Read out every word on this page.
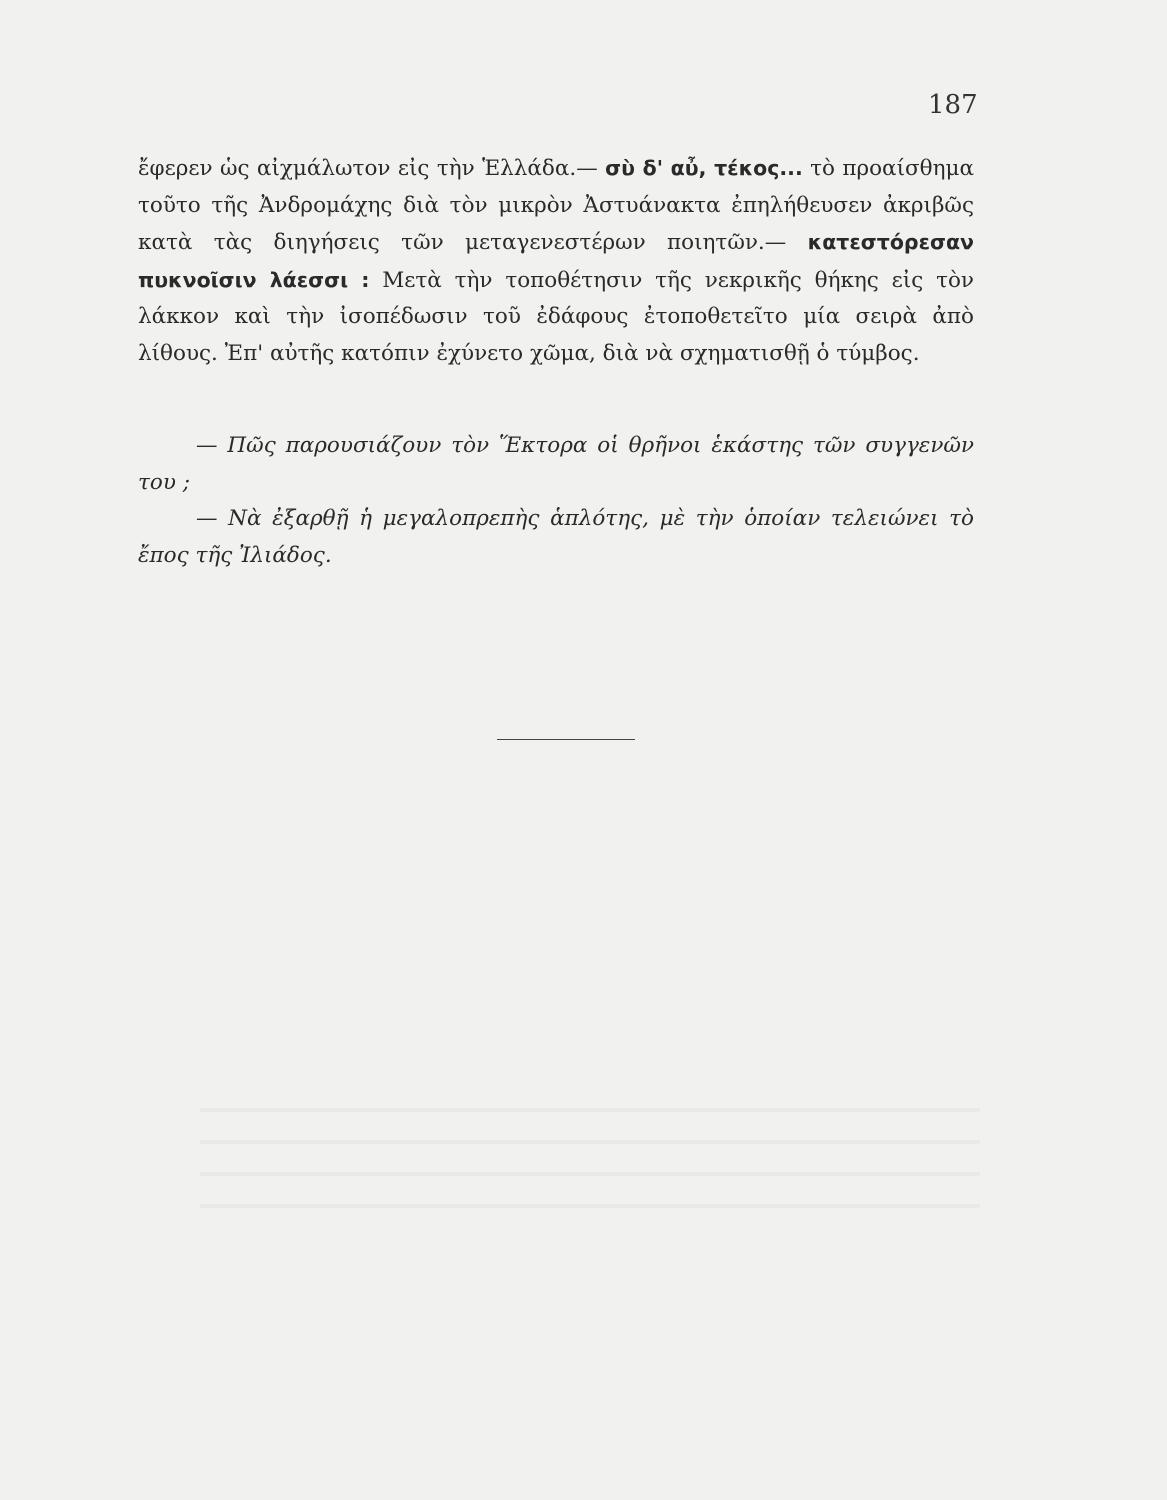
187

ἔφερεν ὡς αἰχμάλωτον εἰς τὴν Ἑλλάδα.— σὺ δ' αὖ, τέκος... τὸ προαίσθημα τοῦτο τῆς Ἀνδρομάχης διὰ τὸν μικρὸν Ἀστυάνακτα ἐπηλήθευσεν ἀκριβῶς κατὰ τὰς διηγήσεις τῶν μεταγενεστέρων ποιητῶν.— κατεστόρεσαν πυκνοῖσιν λάεσσι : Μετὰ τὴν τοποθέτησιν τῆς νεκρικῆς θήκης εἰς τὸν λάκκον καὶ τὴν ἰσοπέδωσιν τοῦ ἐδάφους ἐτοποθετεῖτο μία σειρὰ ἀπὸ λίθους. Ἐπ' αὐτῆς κατόπιν ἐχύνετο χῶμα, διὰ νὰ σχηματισθῇ ὁ τύμβος.

— Πῶς παρουσιάζουν τὸν Ἕκτορα οἱ θρῆνοι ἑκάστης τῶν συγγενῶν του ;

— Νὰ ἐξαρθῇ ἡ μεγαλοπρεπὴς ἁπλότης, μὲ τὴν ὁποίαν τελειώνει τὸ ἔπος τῆς Ἰλιάδος.
